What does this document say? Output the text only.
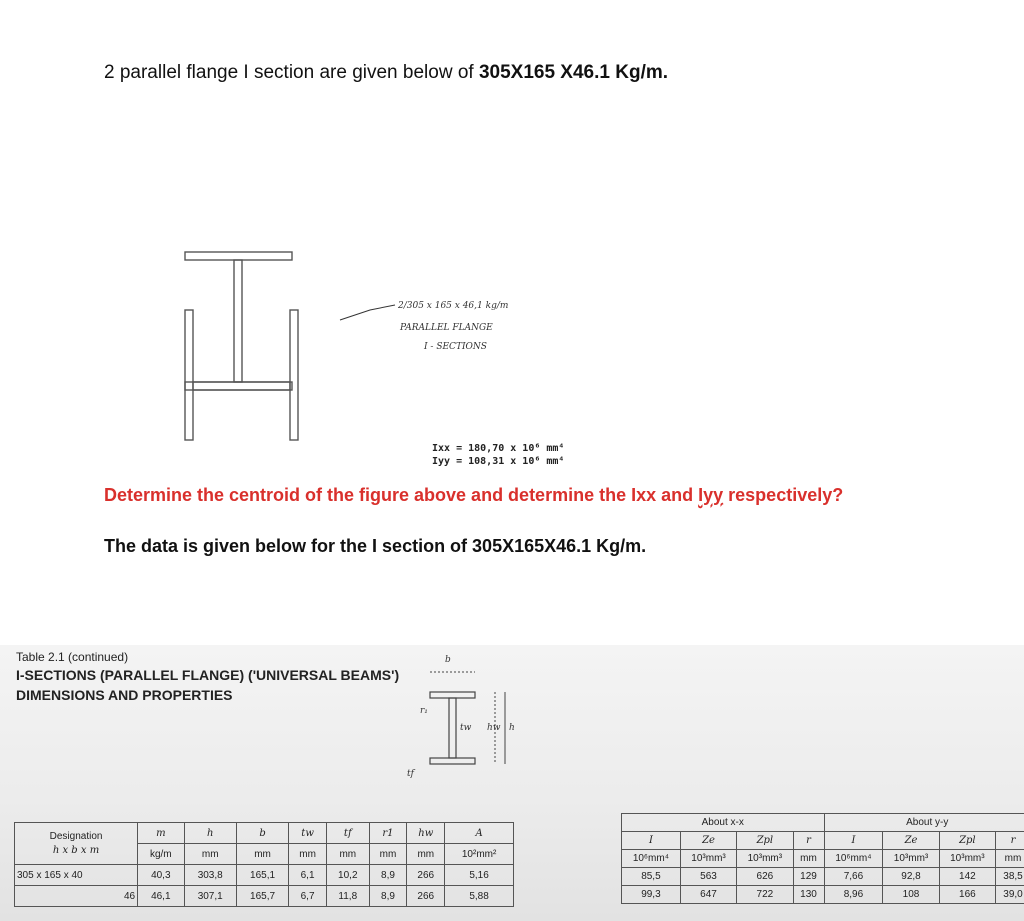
2 parallel flange I section are given below of 305X165 X46.1 Kg/m.
2/305 x 165 x 46,1 kg/m
PARALLEL FLANGE
I - SECTIONS
Ixx = 180,70 x 10⁶ mm⁴
Iyy = 108,31 x 10⁶ mm⁴
Determine the centroid of the figure above and determine the Ixx and Iyy respectively?
The data is given below for the I section of 305X165X46.1 Kg/m.
Table 2.1 (continued)
I-SECTIONS (PARALLEL FLANGE) ('UNIVERSAL BEAMS')
DIMENSIONS AND PROPERTIES
b
r₁
tw hw h
tf
Designation
h x b x m	m	h	b	tw	tf	r1	hw	A
	kg/m	mm	mm	mm	mm	mm	mm	10²mm²
305 x 165 x 40	40,3	303,8	165,1	6,1	10,2	8,9	266	5,16
46	46,1	307,1	165,7	6,7	11,8	8,9	266	5,88
About x-x				About y-y			
I	Ze	Zpl	r	I	Ze	Zpl	r
10⁶mm⁴	10³mm³	10³mm³	mm	10⁶mm⁴	10³mm³	10³mm³	mm
85,5	563	626	129	7,66	92,8	142	38,5
99,3	647	722	130	8,96	108	166	39,0
